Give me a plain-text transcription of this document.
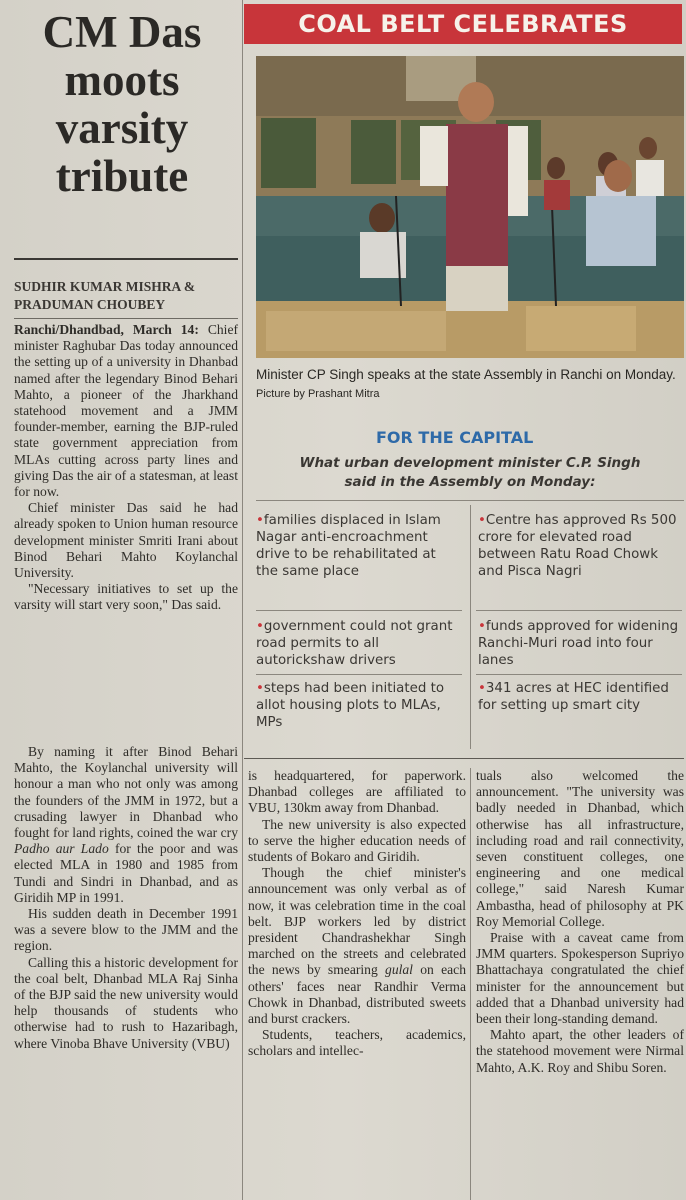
CM Das
moots
varsity
tribute
SUDHIR KUMAR MISHRA &
PRADUMAN CHOUBEY

Ranchi/Dhandbad, March 14: Chief minister Raghubar Das today announced the setting up of a university in Dhanbad named after the legendary Binod Behari Mahto, a pioneer of the Jharkhand statehood movement and a JMM founder-member, earning the BJP-ruled state government appreciation from MLAs cutting across party lines and giving Das the air of a statesman, at least for now.

Chief minister Das said he had already spoken to Union human resource development minister Smriti Irani about Binod Behari Mahto Koylanchal University.

"Necessary initiatives to set up the varsity will start very soon," Das said.

By naming it after Binod Behari Mahto, the Koylanchal university will honour a man who not only was among the founders of the JMM in 1972, but a crusading lawyer in Dhanbad who fought for land rights, coined the war cry Padho aur Lado for the poor and was elected MLA in 1980 and 1985 from Tundi and Sindri in Dhanbad, and as Giridih MP in 1991.

His sudden death in December 1991 was a severe blow to the JMM and the region.

Calling this a historic development for the coal belt, Dhanbad MLA Raj Sinha of the BJP said the new university would help thousands of students who otherwise had to rush to Hazaribagh, where Vinoba Bhave University (VBU)

COAL BELT CELEBRATES
Minister CP Singh speaks at the state Assembly in Ranchi on Monday. Picture by Prashant Mitra
FOR THE CAPITAL
What urban development minister C.P. Singh
said in the Assembly on Monday:
•families displaced in Islam Nagar anti-encroachment drive to be rehabilitated at the same place
•government could not grant road permits to all autorickshaw drivers
•steps had been initiated to allot housing plots to MLAs, MPs
•Centre has approved Rs 500 crore for elevated road between Ratu Road Chowk and Pisca Nagri
•funds approved for widening Ranchi-Muri road into four lanes
•341 acres at HEC identified for setting up smart city

is headquartered, for paperwork. Dhanbad colleges are affiliated to VBU, 130km away from Dhanbad.

The new university is also expected to serve the higher education needs of students of Bokaro and Giridih.

Though the chief minister's announcement was only verbal as of now, it was celebration time in the coal belt. BJP workers led by district president Chandrashekhar Singh marched on the streets and celebrated the news by smearing gulal on each others' faces near Randhir Verma Chowk in Dhanbad, distributed sweets and burst crackers.

Students, teachers, academics, scholars and intellec-

tuals also welcomed the announcement. "The university was badly needed in Dhanbad, which otherwise has all infrastructure, including road and rail connectivity, seven constituent colleges, one engineering and one medical college," said Naresh Kumar Ambastha, head of philosophy at PK Roy Memorial College.

Praise with a caveat came from JMM quarters. Spokesperson Supriyo Bhattachaya congratulated the chief minister for the announcement but added that a Dhanbad university had been their long-standing demand.

Mahto apart, the other leaders of the statehood movement were Nirmal Mahto, A.K. Roy and Shibu Soren.
